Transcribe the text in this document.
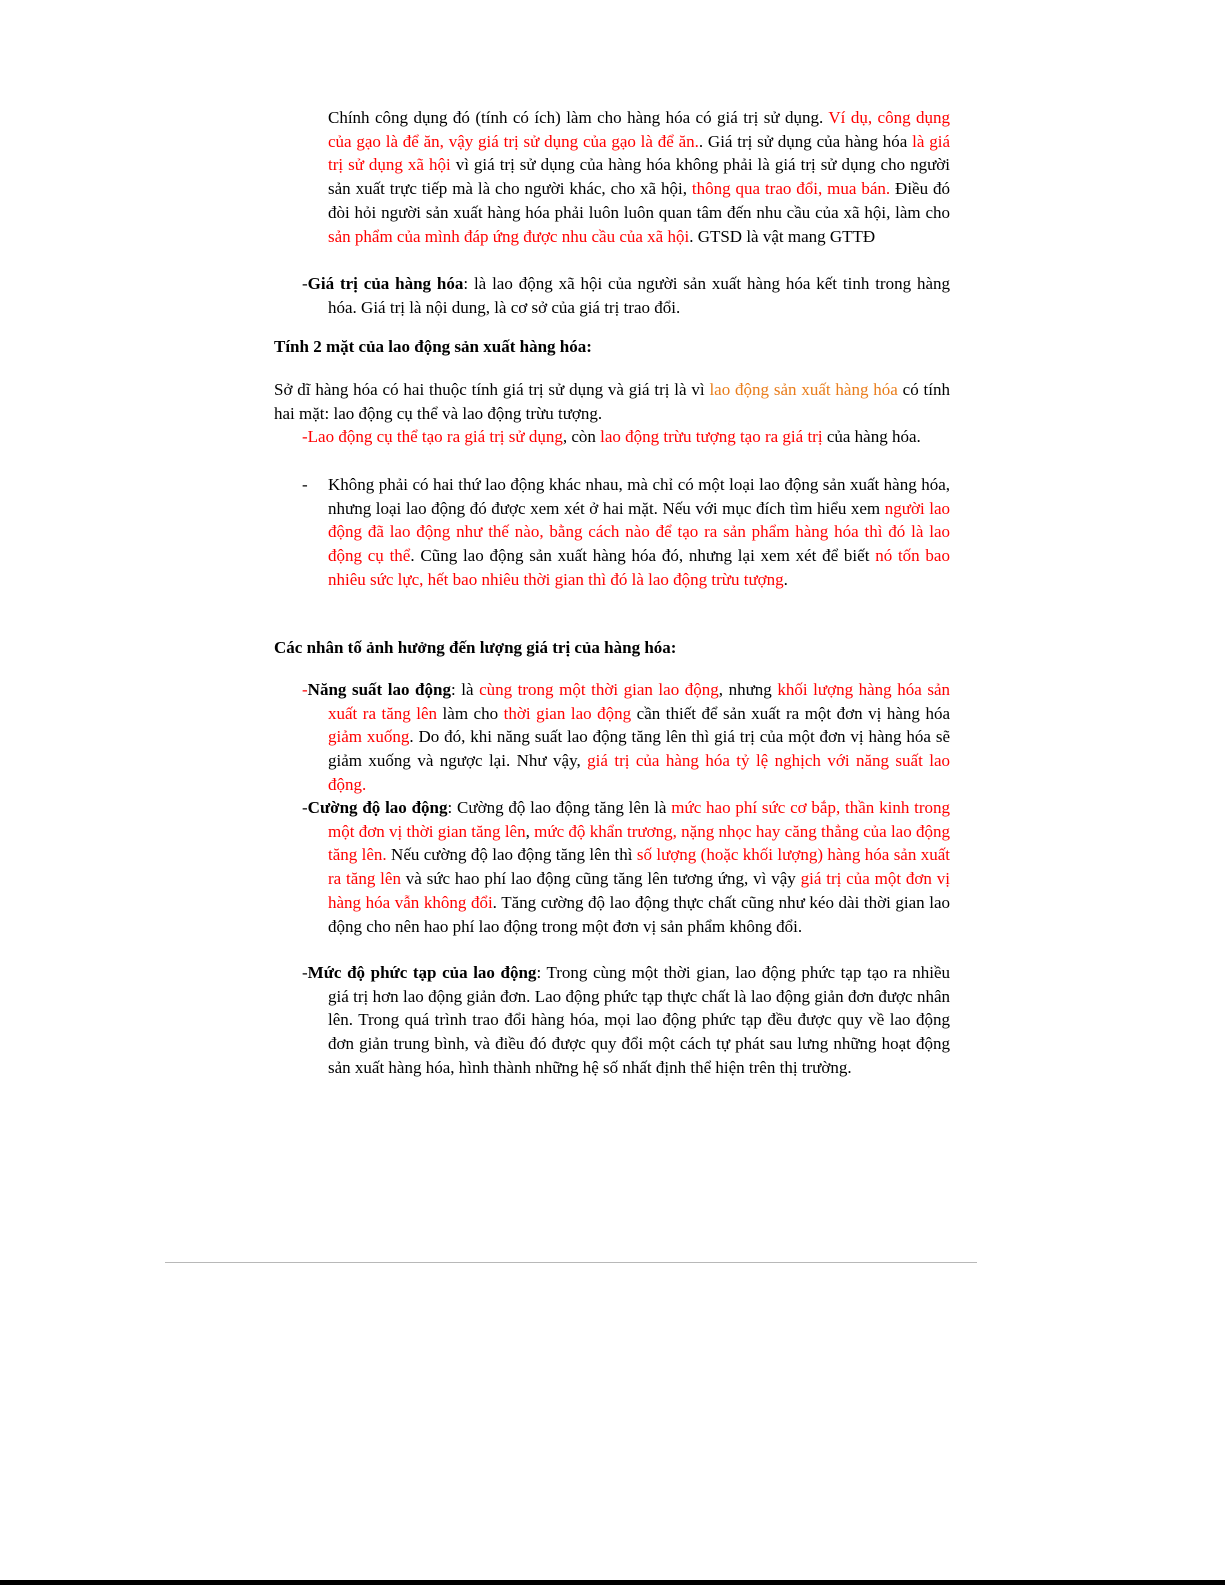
Chính công dụng đó (tính có ích) làm cho hàng hóa có giá trị sử dụng. Ví dụ, công dụng của gạo là để ăn, vậy giá trị sử dụng của gạo là để ăn.. Giá trị sử dụng của hàng hóa là giá trị sử dụng xã hội vì giá trị sử dụng của hàng hóa không phải là giá trị sử dụng cho người sản xuất trực tiếp mà là cho người khác, cho xã hội, thông qua trao đổi, mua bán. Điều đó đòi hỏi người sản xuất hàng hóa phải luôn luôn quan tâm đến nhu cầu của xã hội, làm cho sản phẩm của mình đáp ứng được nhu cầu của xã hội. GTSD là vật mang GTTĐ
-Giá trị của hàng hóa: là lao động xã hội của người sản xuất hàng hóa kết tinh trong hàng hóa. Giá trị là nội dung, là cơ sở của giá trị trao đổi.
Tính 2 mặt của lao động sản xuất hàng hóa:
Sở dĩ hàng hóa có hai thuộc tính giá trị sử dụng và giá trị là vì lao động sản xuất hàng hóa có tính hai mặt: lao động cụ thể và lao động trừu tượng.
-Lao động cụ thể tạo ra giá trị sử dụng, còn lao động trừu tượng tạo ra giá trị của hàng hóa.
- Không phải có hai thứ lao động khác nhau, mà chỉ có một loại lao động sản xuất hàng hóa, nhưng loại lao động đó được xem xét ở hai mặt. Nếu với mục đích tìm hiểu xem người lao động đã lao động như thế nào, bằng cách nào để tạo ra sản phẩm hàng hóa thì đó là lao động cụ thể. Cũng lao động sản xuất hàng hóa đó, nhưng lại xem xét để biết nó tốn bao nhiêu sức lực, hết bao nhiêu thời gian thì đó là lao động trừu tượng.
Các nhân tố ảnh hưởng đến lượng giá trị của hàng hóa:
-Năng suất lao động: là cùng trong một thời gian lao động, nhưng khối lượng hàng hóa sản xuất ra tăng lên làm cho thời gian lao động cần thiết để sản xuất ra một đơn vị hàng hóa giảm xuống. Do đó, khi năng suất lao động tăng lên thì giá trị của một đơn vị hàng hóa sẽ giảm xuống và ngược lại. Như vậy, giá trị của hàng hóa tỷ lệ nghịch với năng suất lao động.
-Cường độ lao động: Cường độ lao động tăng lên là mức hao phí sức cơ bắp, thần kinh trong một đơn vị thời gian tăng lên, mức độ khẩn trương, nặng nhọc hay căng thẳng của lao động tăng lên. Nếu cường độ lao động tăng lên thì số lượng (hoặc khối lượng) hàng hóa sản xuất ra tăng lên và sức hao phí lao động cũng tăng lên tương ứng, vì vậy giá trị của một đơn vị hàng hóa vẫn không đổi. Tăng cường độ lao động thực chất cũng như kéo dài thời gian lao động cho nên hao phí lao động trong một đơn vị sản phẩm không đổi.
-Mức độ phức tạp của lao động: Trong cùng một thời gian, lao động phức tạp tạo ra nhiều giá trị hơn lao động giản đơn. Lao động phức tạp thực chất là lao động giản đơn được nhân lên. Trong quá trình trao đổi hàng hóa, mọi lao động phức tạp đều được quy về lao động đơn giản trung bình, và điều đó được quy đổi một cách tự phát sau lưng những hoạt động sản xuất hàng hóa, hình thành những hệ số nhất định thể hiện trên thị trường.
